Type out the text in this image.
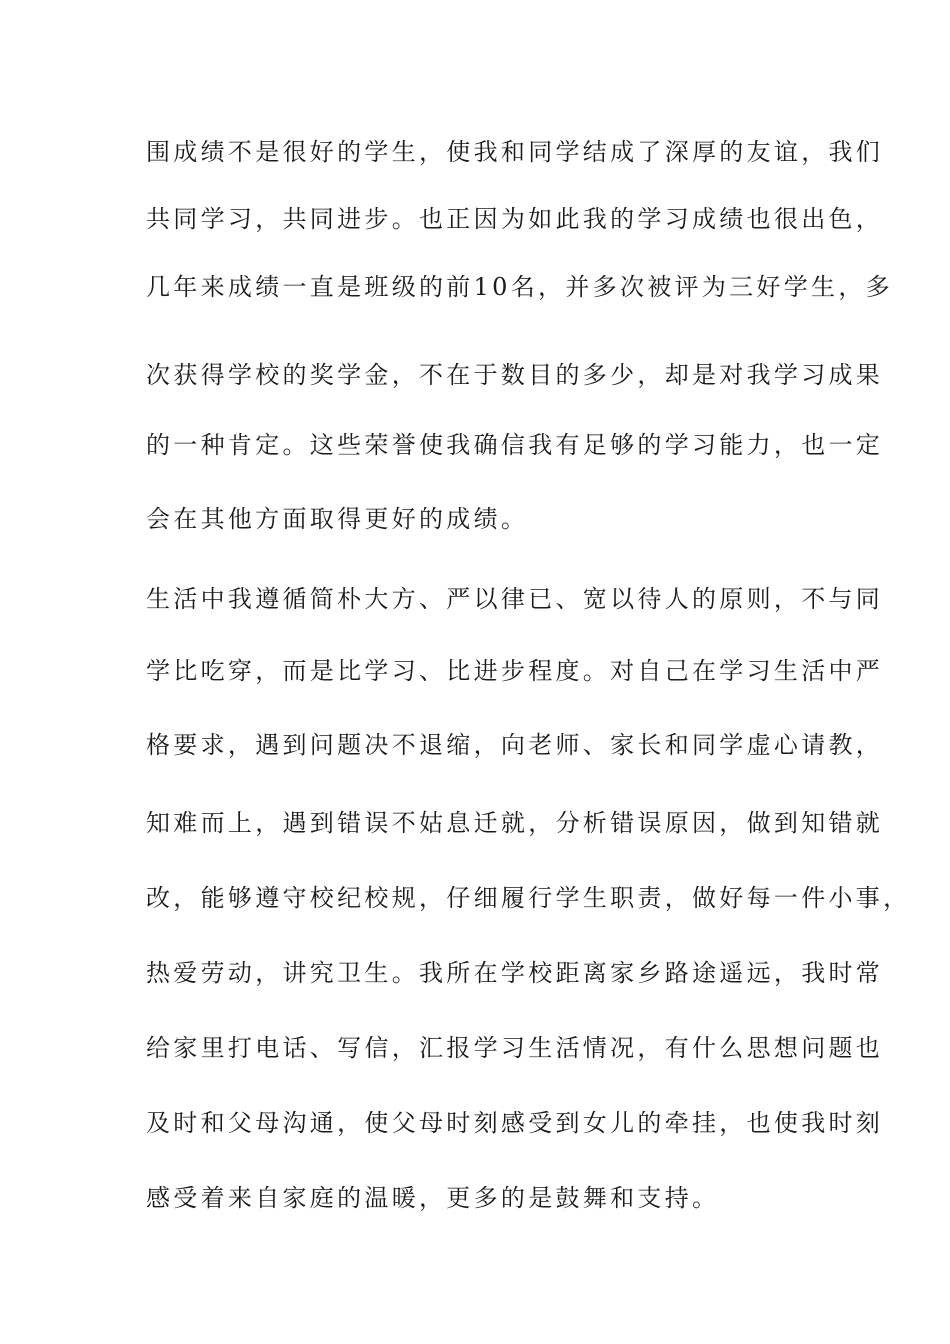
围成绩不是很好的学生，使我和同学结成了深厚的友谊，我们
共同学习，共同进步。也正因为如此我的学习成绩也很出色，
几年来成绩一直是班级的前10名，并多次被评为三好学生，多
次获得学校的奖学金，不在于数目的多少，却是对我学习成果
的一种肯定。这些荣誉使我确信我有足够的学习能力，也一定
会在其他方面取得更好的成绩。
生活中我遵循简朴大方、严以律已、宽以待人的原则，不与同
学比吃穿，而是比学习、比进步程度。对自己在学习生活中严
格要求，遇到问题决不退缩，向老师、家长和同学虚心请教，
知难而上，遇到错误不姑息迁就，分析错误原因，做到知错就
改，能够遵守校纪校规，仔细履行学生职责，做好每一件小事，
热爱劳动，讲究卫生。我所在学校距离家乡路途遥远，我时常
给家里打电话、写信，汇报学习生活情况，有什么思想问题也
及时和父母沟通，使父母时刻感受到女儿的牵挂，也使我时刻
感受着来自家庭的温暖，更多的是鼓舞和支持。
